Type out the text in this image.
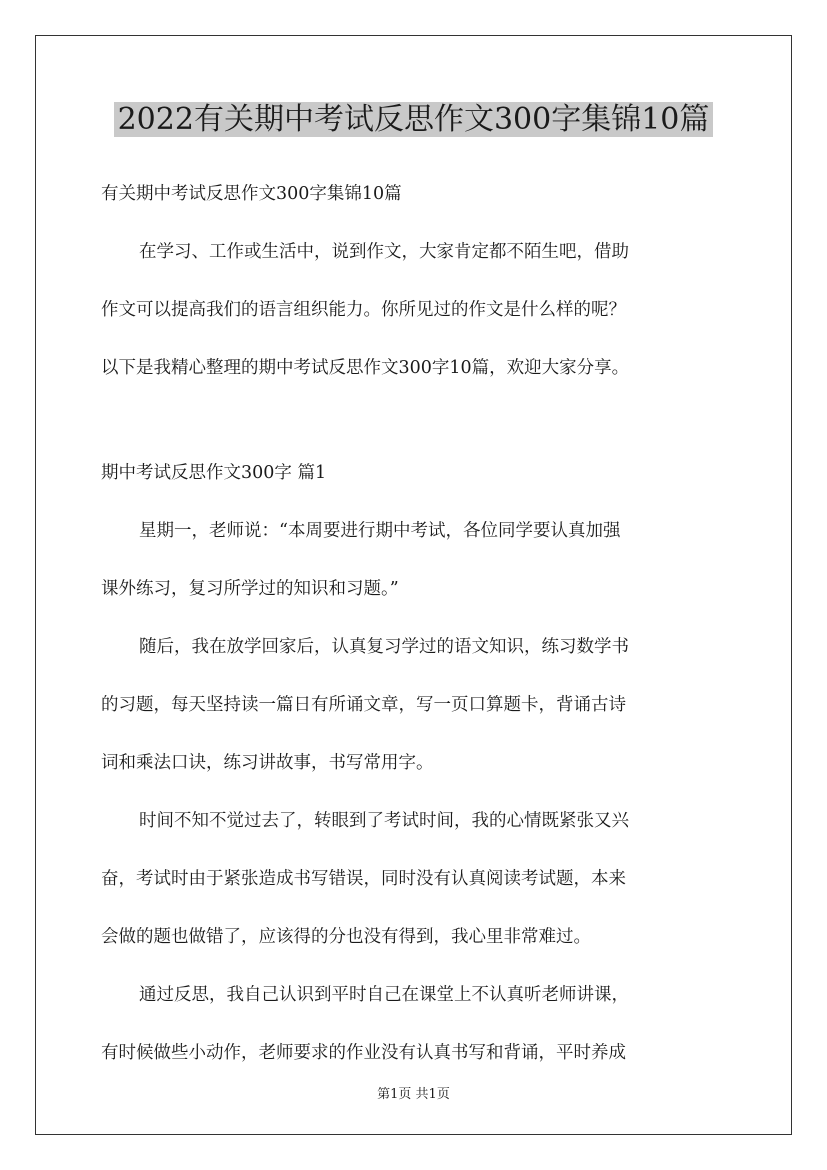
2022有关期中考试反思作文300字集锦10篇

有关期中考试反思作文300字集锦10篇

在学习、工作或生活中，说到作文，大家肯定都不陌生吧，借助

作文可以提高我们的语言组织能力。你所见过的作文是什么样的呢？

以下是我精心整理的期中考试反思作文300字10篇，欢迎大家分享。

期中考试反思作文300字 篇1

星期一，老师说：“本周要进行期中考试，各位同学要认真加强

课外练习，复习所学过的知识和习题。”

随后，我在放学回家后，认真复习学过的语文知识，练习数学书

的习题，每天坚持读一篇日有所诵文章，写一页口算题卡，背诵古诗

词和乘法口诀，练习讲故事，书写常用字。

时间不知不觉过去了，转眼到了考试时间，我的心情既紧张又兴

奋，考试时由于紧张造成书写错误，同时没有认真阅读考试题，本来

会做的题也做错了，应该得的分也没有得到，我心里非常难过。

通过反思，我自己认识到平时自己在课堂上不认真听老师讲课，

有时候做些小动作，老师要求的作业没有认真书写和背诵，平时养成

第1页 共1页
